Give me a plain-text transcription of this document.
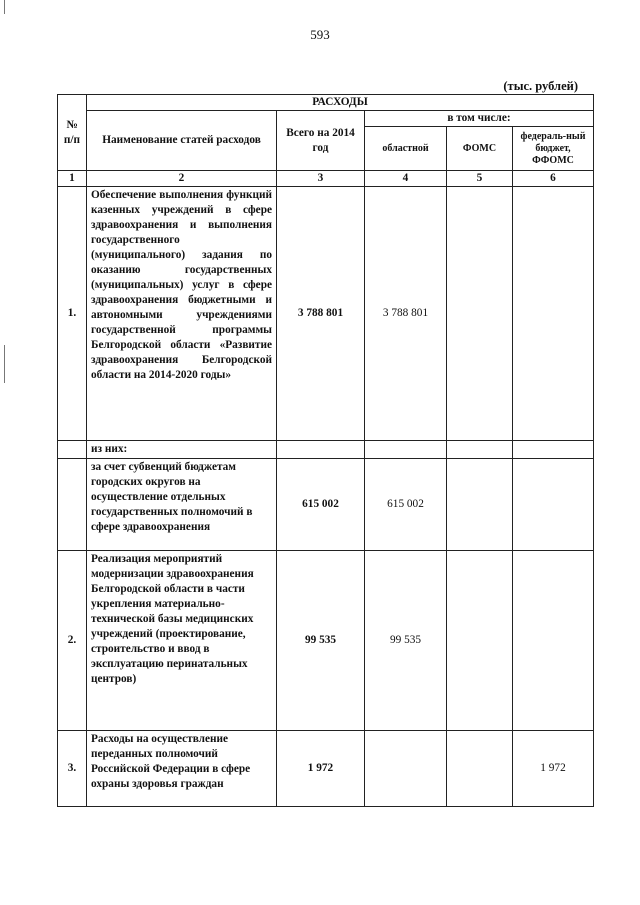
593
(тыс. рублей)
№ п/п	РАСХОДЫ				
	Наименование статей расходов	Всего на 2014 год	в том числе:		
			областной	ФОМС	федераль-ный бюджет, ФФОМС
1	2	3	4	5	6
1.	Обеспечение выполнения функций казенных учреждений в сфере здравоохранения и выполнения государственного (муниципального) задания по оказанию государственных (муниципальных) услуг в сфере здравоохранения бюджетными и автономными учреждениями государственной программы Белгородской области «Развитие здравоохранения Белгородской области на 2014-2020 годы»	3 788 801	3 788 801		
	из них:				
	за счет субвенций бюджетам городских округов на осуществление отдельных государственных полномочий в сфере здравоохранения	615 002	615 002		
2.	Реализация мероприятий модернизации здравоохранения Белгородской области в части укрепления материально-технической базы медицинских учреждений (проектирование, строительство и ввод в эксплуатацию перинатальных центров)	99 535	99 535		
3.	Расходы на осуществление переданных полномочий Российской Федерации в сфере охраны здоровья граждан	1 972			1 972
